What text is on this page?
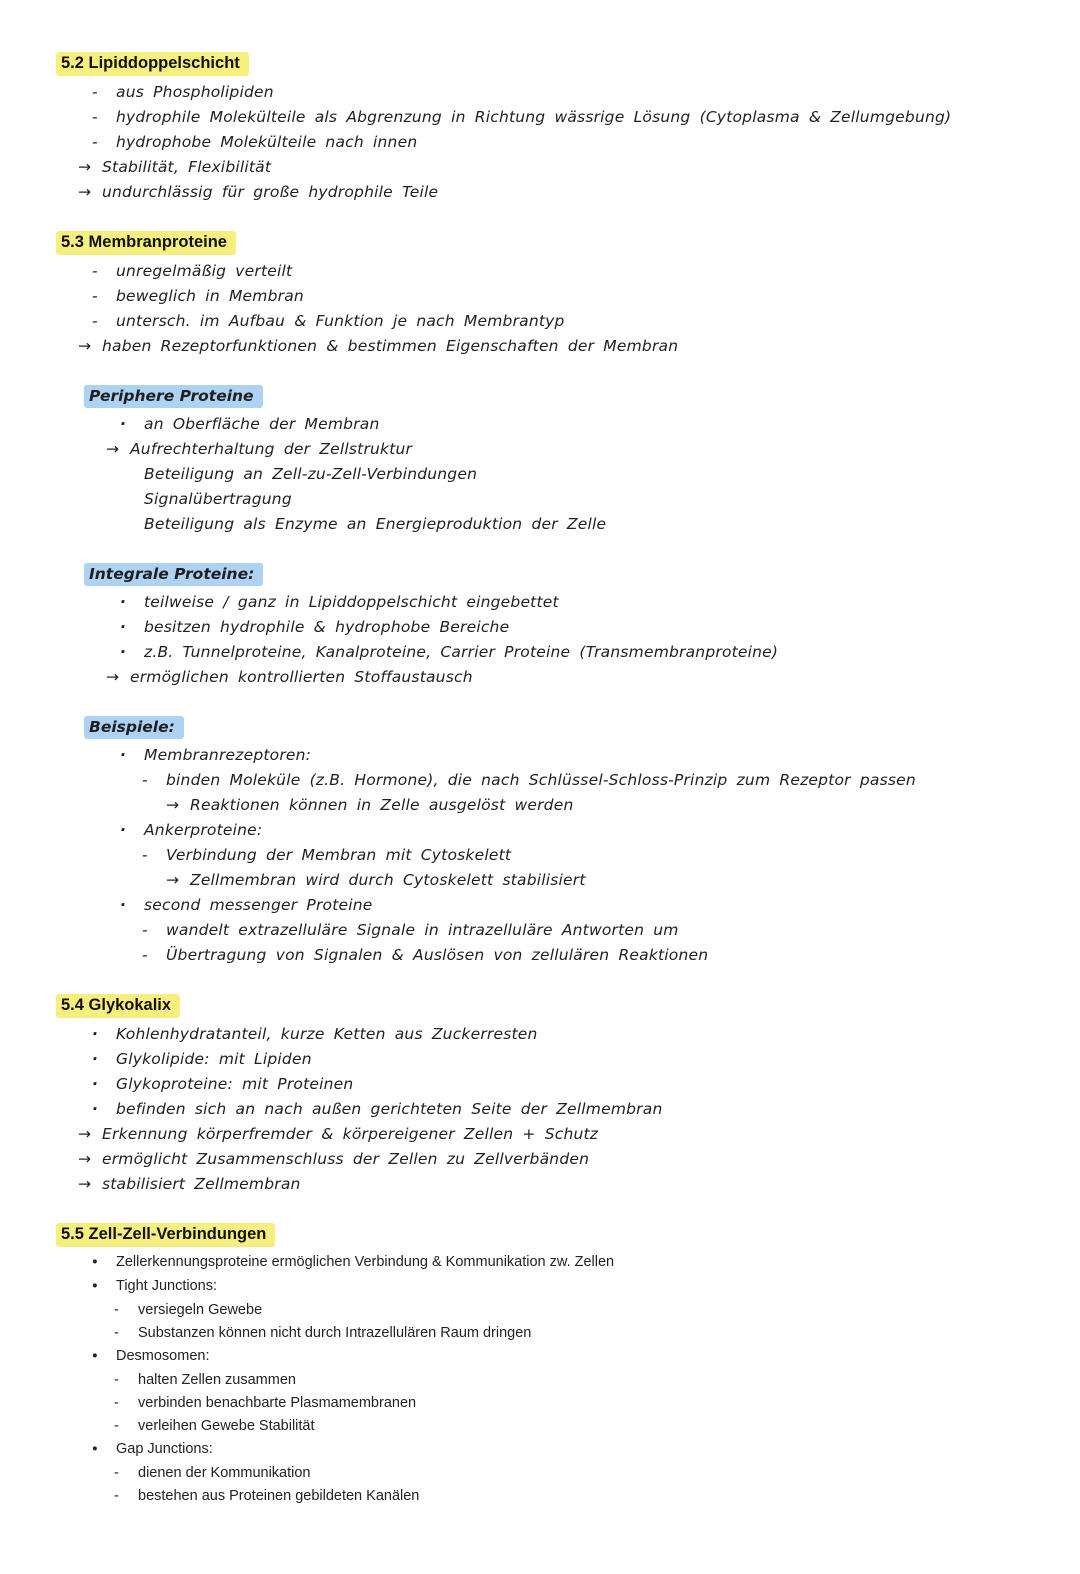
5.2 Lipiddoppelschicht
-	aus Phospholipiden
-	hydrophile Molekülteile als Abgrenzung in Richtung wässrige Lösung (Cytoplasma & Zellumgebung)
-	hydrophobe Molekülteile nach innen
→ Stabilität, Flexibilität
→ undurchlässig für große hydrophile Teile
5.3 Membranproteine
-	unregelmäßig verteilt
-	beweglich in Membran
-	untersch. im Aufbau & Funktion je nach Membrantyp
→ haben Rezeptorfunktionen & bestimmen Eigenschaften der Membran
Periphere Proteine
·	an Oberfläche der Membran
→ Aufrechterhaltung der Zellstruktur
Beteiligung an Zell-zu-Zell-Verbindungen
Signalübertragung
Beteiligung als Enzyme an Energieproduktion der Zelle
Integrale Proteine:
·	teilweise / ganz in Lipiddoppelschicht eingebettet
·	besitzen hydrophile & hydrophobe Bereiche
·	z.B. Tunnelproteine, Kanalproteine, Carrier Proteine (Transmembranproteine)
→ ermöglichen kontrollierten Stoffaustausch
Beispiele:
·	Membranrezeptoren:
-	binden Moleküle (z.B. Hormone), die nach Schlüssel-Schloss-Prinzip zum Rezeptor passen
→ Reaktionen können in Zelle ausgelöst werden
·	Ankerproteine:
-	Verbindung der Membran mit Cytoskelett
→ Zellmembran wird durch Cytoskelett stabilisiert
·	second messenger Proteine
-	wandelt extrazelluläre Signale in intrazelluläre Antworten um
-	Übertragung von Signalen & Auslösen von zellulären Reaktionen
5.4 Glykokalix
·	Kohlenhydratanteil, kurze Ketten aus Zuckerresten
·	Glykolipide: mit Lipiden
·	Glykoproteine: mit Proteinen
·	befinden sich an nach außen gerichteten Seite der Zellmembran
→ Erkennung körperfremder & körpereigener Zellen + Schutz
→ ermöglicht Zusammenschluss der Zellen zu Zellverbänden
→ stabilisiert Zellmembran
5.5 Zell-Zell-Verbindungen
●	Zellerkennungsproteine ermöglichen Verbindung & Kommunikation zw. Zellen
●	Tight Junctions:
-	versiegeln Gewebe
-	Substanzen können nicht durch Intrazellulären Raum dringen
●	Desmosomen:
-	halten Zellen zusammen
-	verbinden benachbarte Plasmamembranen
-	verleihen Gewebe Stabilität
●	Gap Junctions:
-	dienen der Kommunikation
-	bestehen aus Proteinen gebildeten Kanälen
